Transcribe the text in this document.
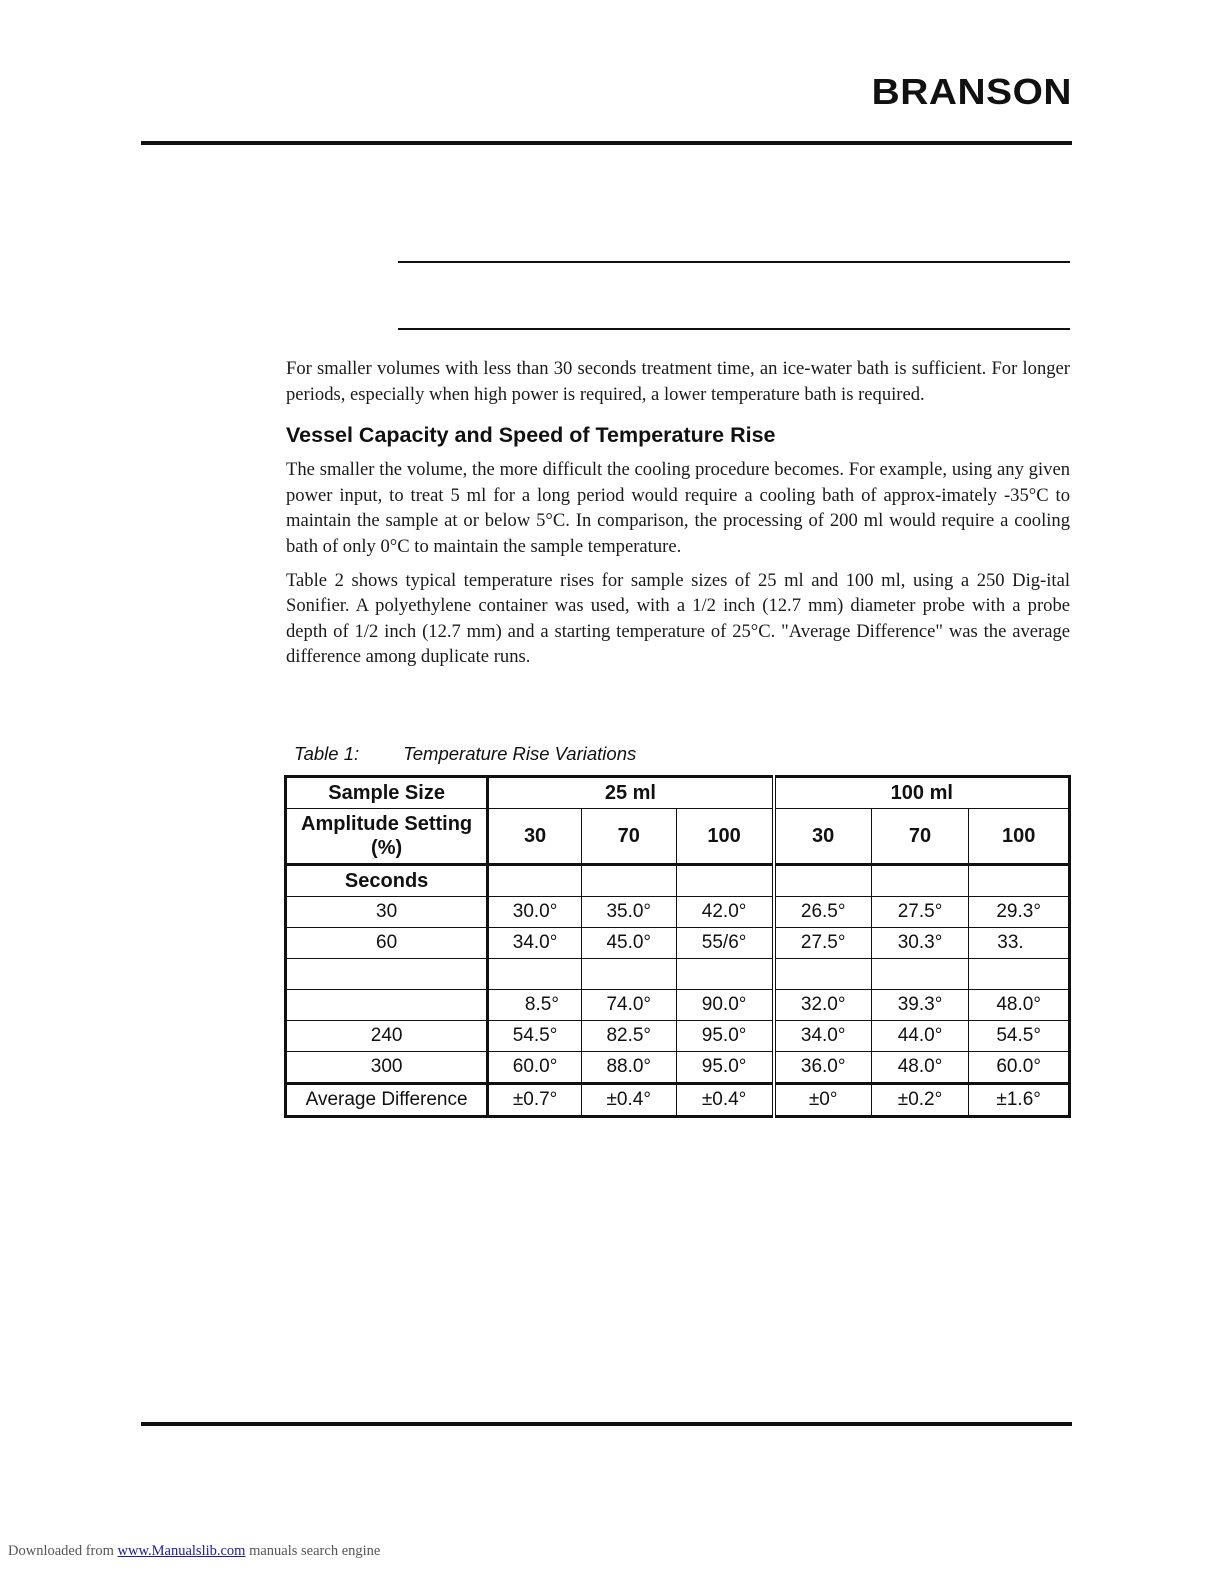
BRANSON

For smaller volumes with less than 30 seconds treatment time, an ice-water bath is sufficient. For longer periods, especially when high power is required, a lower temperature bath is required.

Vessel Capacity and Speed of Temperature Rise

The smaller the volume, the more difficult the cooling procedure becomes. For example, using any given power input, to treat 5 ml for a long period would require a cooling bath of approx-imately -35°C to maintain the sample at or below 5°C. In comparison, the processing of 200 ml would require a cooling bath of only 0°C to maintain the sample temperature.

Table 2 shows typical temperature rises for sample sizes of 25 ml and 100 ml, using a 250 Dig-ital Sonifier. A polyethylene container was used, with a 1/2 inch (12.7 mm) diameter probe with a probe depth of 1/2 inch (12.7 mm) and a starting temperature of 25°C. "Average Difference" was the average difference among duplicate runs.

Table 1: Temperature Rise Variations
Sample Size	25 ml			100 ml		
Amplitude Setting (%)	30	70	100	30	70	100
Seconds						
30	30.0°	35.0°	42.0°	26.5°	27.5°	29.3°
60	34.0°	45.0°	55/6°	27.5°	30.3°	33.

	8.5°	74.0°	90.0°	32.0°	39.3°	48.0°
240	54.5°	82.5°	95.0°	34.0°	44.0°	54.5°
300	60.0°	88.0°	95.0°	36.0°	48.0°	60.0°
Average Difference	±0.7°	±0.4°	±0.4°	±0°	±0.2°	±1.6°
Downloaded from www.Manualslib.com manuals search engine
